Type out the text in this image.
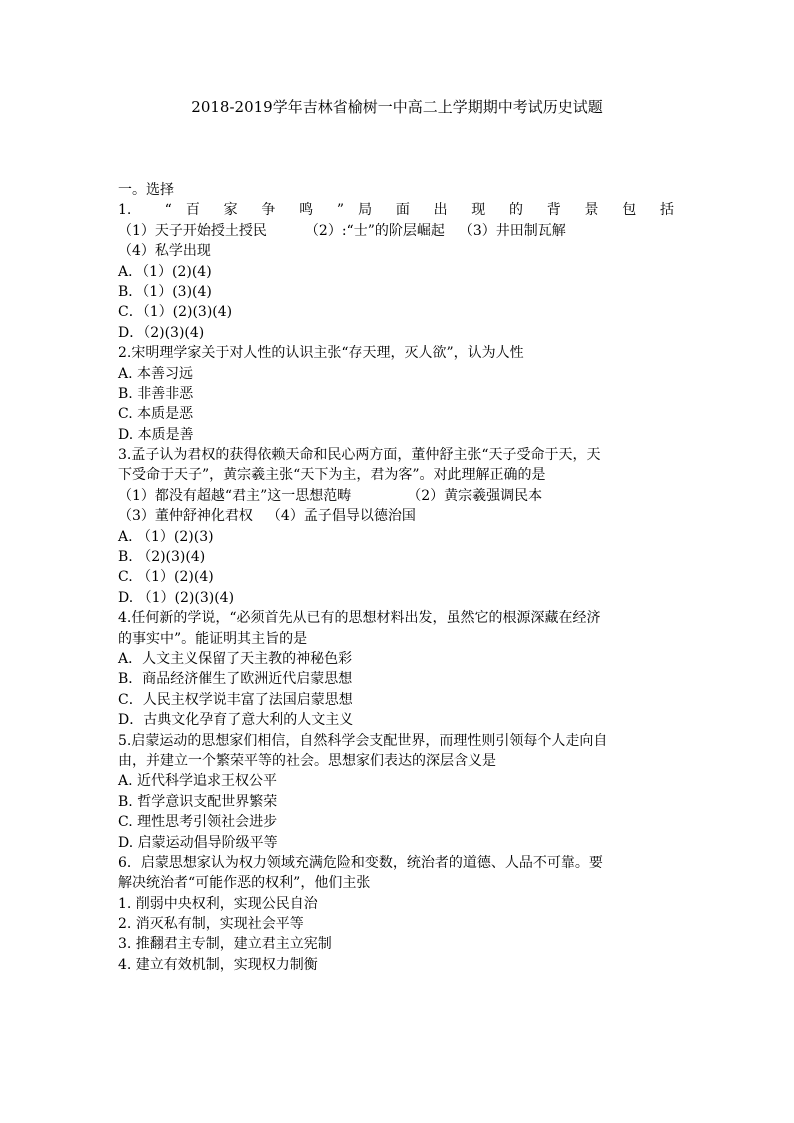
2018-2019学年吉林省榆树一中高二上学期期中考试历史试题
一。选择
1.　“ 百 家 争 鸣 ” 局 面 出 现 的 背 景 包 括
（1）天子开始授土授民	（2）:“士”的阶层崛起 （3）井田制瓦解
（4）私学出现
A．（1）(2)(4)
B．（1）(3)(4)
C．（1）(2)(3)(4)
D．（2)(3)(4)
2.宋明理学家关于对人性的认识主张“存天理，灭人欲”，认为人性
A. 本善习远
B. 非善非恶
C. 本质是恶
D. 本质是善
3.孟子认为君权的获得依赖天命和民心两方面，董仲舒主张“天子受命于天，天
下受命于天子”，黄宗羲主张“天下为主，君为客”。对此理解正确的是
（1）都没有超越“君主”这一思想范畴	（2）黄宗羲强调民本
（3）董仲舒神化君权 （4）孟子倡导以德治国
A. （1）(2)(3)
B. （2)(3)(4)
C. （1）(2)(4)
D. （1）(2)(3)(4)
4.任何新的学说，“必须首先从已有的思想材料出发，虽然它的根源深藏在经济
的事实中”。能证明其主旨的是
A．人文主义保留了天主教的神秘色彩
B．商品经济催生了欧洲近代启蒙思想
C．人民主权学说丰富了法国启蒙思想
D．古典文化孕育了意大利的人文主义
5.启蒙运动的思想家们相信，自然科学会支配世界，而理性则引领每个人走向自
由，并建立一个繁荣平等的社会。思想家们表达的深层含义是
A. 近代科学追求王权公平
B. 哲学意识支配世界繁荣
C. 理性思考引领社会进步
D. 启蒙运动倡导阶级平等
6．启蒙思想家认为权力领域充满危险和变数，统治者的道德、人品不可靠。要
解决统治者“可能作恶的权利”，他们主张
1. 削弱中央权利，实现公民自治
2. 消灭私有制，实现社会平等
3. 推翻君主专制，建立君主立宪制
4. 建立有效机制，实现权力制衡
